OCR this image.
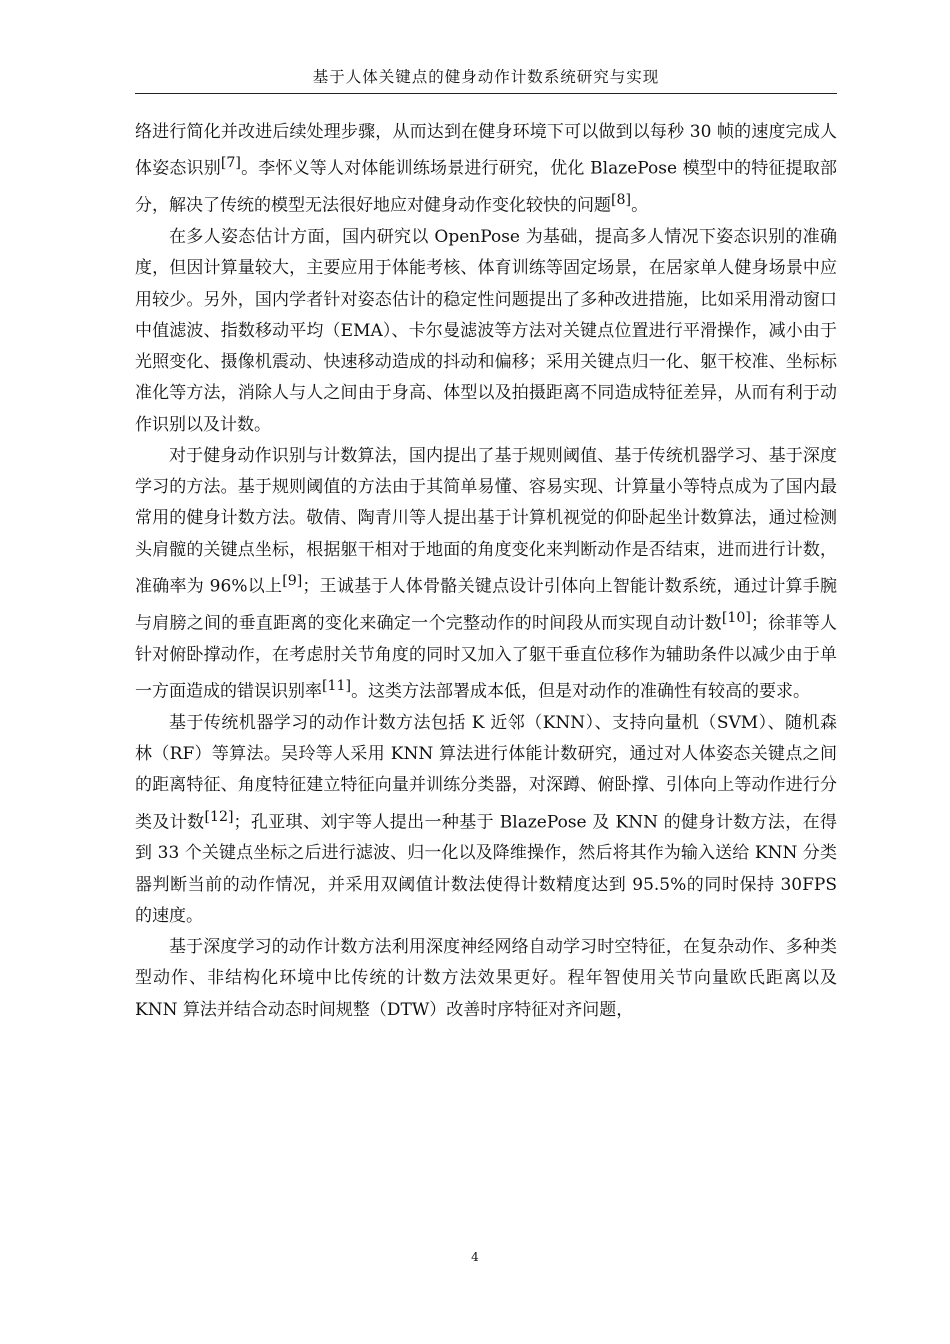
基于人体关键点的健身动作计数系统研究与实现

络进行简化并改进后续处理步骤，从而达到在健身环境下可以做到以每秒 30 帧的速度完成人体姿态识别[7]。李怀义等人对体能训练场景进行研究，优化 BlazePose 模型中的特征提取部分，解决了传统的模型无法很好地应对健身动作变化较快的问题[8]。

在多人姿态估计方面，国内研究以 OpenPose 为基础，提高多人情况下姿态识别的准确度，但因计算量较大，主要应用于体能考核、体育训练等固定场景，在居家单人健身场景中应用较少。另外，国内学者针对姿态估计的稳定性问题提出了多种改进措施，比如采用滑动窗口中值滤波、指数移动平均（EMA）、卡尔曼滤波等方法对关键点位置进行平滑操作，减小由于光照变化、摄像机震动、快速移动造成的抖动和偏移；采用关键点归一化、躯干校准、坐标标准化等方法，消除人与人之间由于身高、体型以及拍摄距离不同造成特征差异，从而有利于动作识别以及计数。

对于健身动作识别与计数算法，国内提出了基于规则阈值、基于传统机器学习、基于深度学习的方法。基于规则阈值的方法由于其简单易懂、容易实现、计算量小等特点成为了国内最常用的健身计数方法。敬倩、陶青川等人提出基于计算机视觉的仰卧起坐计数算法，通过检测头肩髋的关键点坐标，根据躯干相对于地面的角度变化来判断动作是否结束，进而进行计数，准确率为 96%以上[9]；王诚基于人体骨骼关键点设计引体向上智能计数系统，通过计算手腕与肩膀之间的垂直距离的变化来确定一个完整动作的时间段从而实现自动计数[10]；徐菲等人针对俯卧撑动作，在考虑肘关节角度的同时又加入了躯干垂直位移作为辅助条件以减少由于单一方面造成的错误识别率[11]。这类方法部署成本低，但是对动作的准确性有较高的要求。

基于传统机器学习的动作计数方法包括 K 近邻（KNN）、支持向量机（SVM）、随机森林（RF）等算法。吴玲等人采用 KNN 算法进行体能计数研究，通过对人体姿态关键点之间的距离特征、角度特征建立特征向量并训练分类器，对深蹲、俯卧撑、引体向上等动作进行分类及计数[12]；孔亚琪、刘宇等人提出一种基于 BlazePose 及 KNN 的健身计数方法，在得到 33 个关键点坐标之后进行滤波、归一化以及降维操作，然后将其作为输入送给 KNN 分类器判断当前的动作情况，并采用双阈值计数法使得计数精度达到 95.5%的同时保持 30FPS 的速度。

基于深度学习的动作计数方法利用深度神经网络自动学习时空特征，在复杂动作、多种类型动作、非结构化环境中比传统的计数方法效果更好。程年智使用关节向量欧氏距离以及 KNN 算法并结合动态时间规整（DTW）改善时序特征对齐问题，

4
